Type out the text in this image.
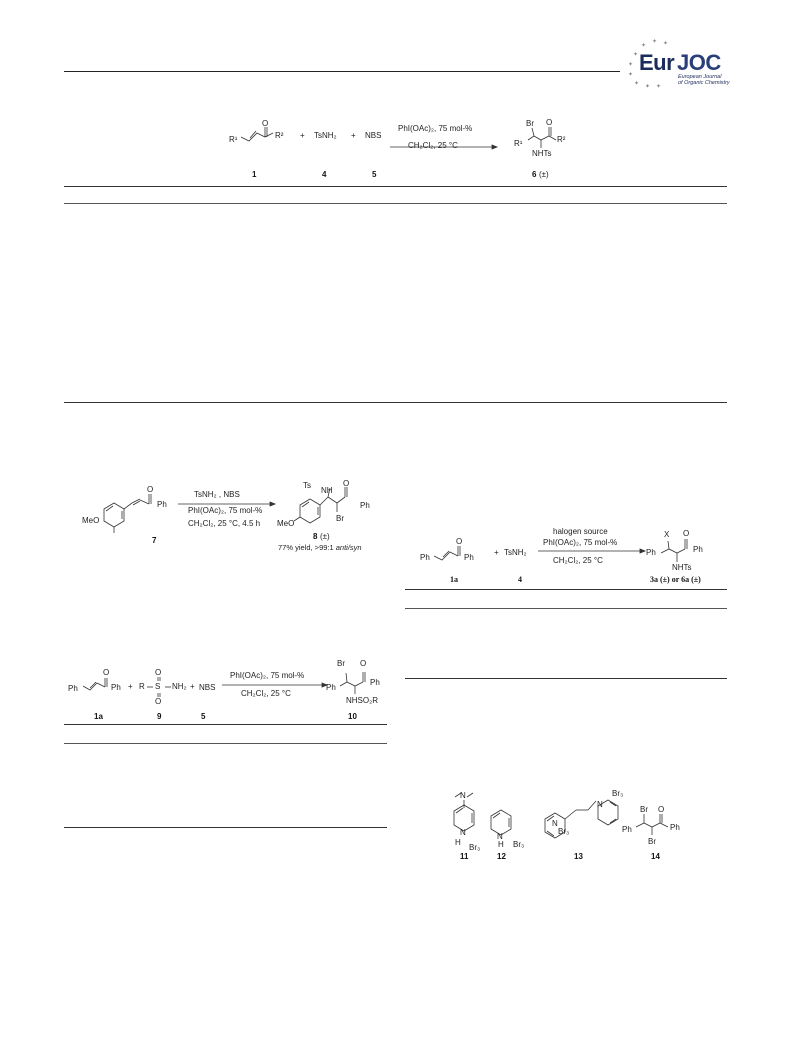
✦
✦
✦ ✦
✦
✦
✦ ✦ ✦
Eur JOC
European Journal
of Organic Chemistry
R¹
O
R² + TsNH₂ + NBS
PhI(OAc)₂, 75 mol-%
CH₂Cl₂, 25 °C
Br O
R¹	R²
NHTs
1	4	5	6 (±)
O
Ph
MeO
TsNH₂ , NBS
PhI(OAc)₂, 75 mol-%
CH₂Cl₂, 25 °C, 4.5 h
Ts
NH
O
Ph
MeO
Br
7	8 (±)
77% yield, >99:1 anti/syn
Ph
O
Ph + R S
O
O
NH₂ + NBS
PhI(OAc)₂, 75 mol-%
CH₂Cl₂, 25 °C
Br O
Ph
Ph
NHSO₂R
1a	9	5	10
Ph
O
Ph
+ TsNH₂
halogen source
PhI(OAc)₂, 75 mol-%
CH₂Cl₂, 25 °C
X O
Ph	Ph
NHTs
1a	4	3a (±) or 6a (±)
N
N
H
Br₃
N
H Br₃
Br₃
N
N
Br₃
Br
Br
O
Ph	Ph
11	12	13	14
